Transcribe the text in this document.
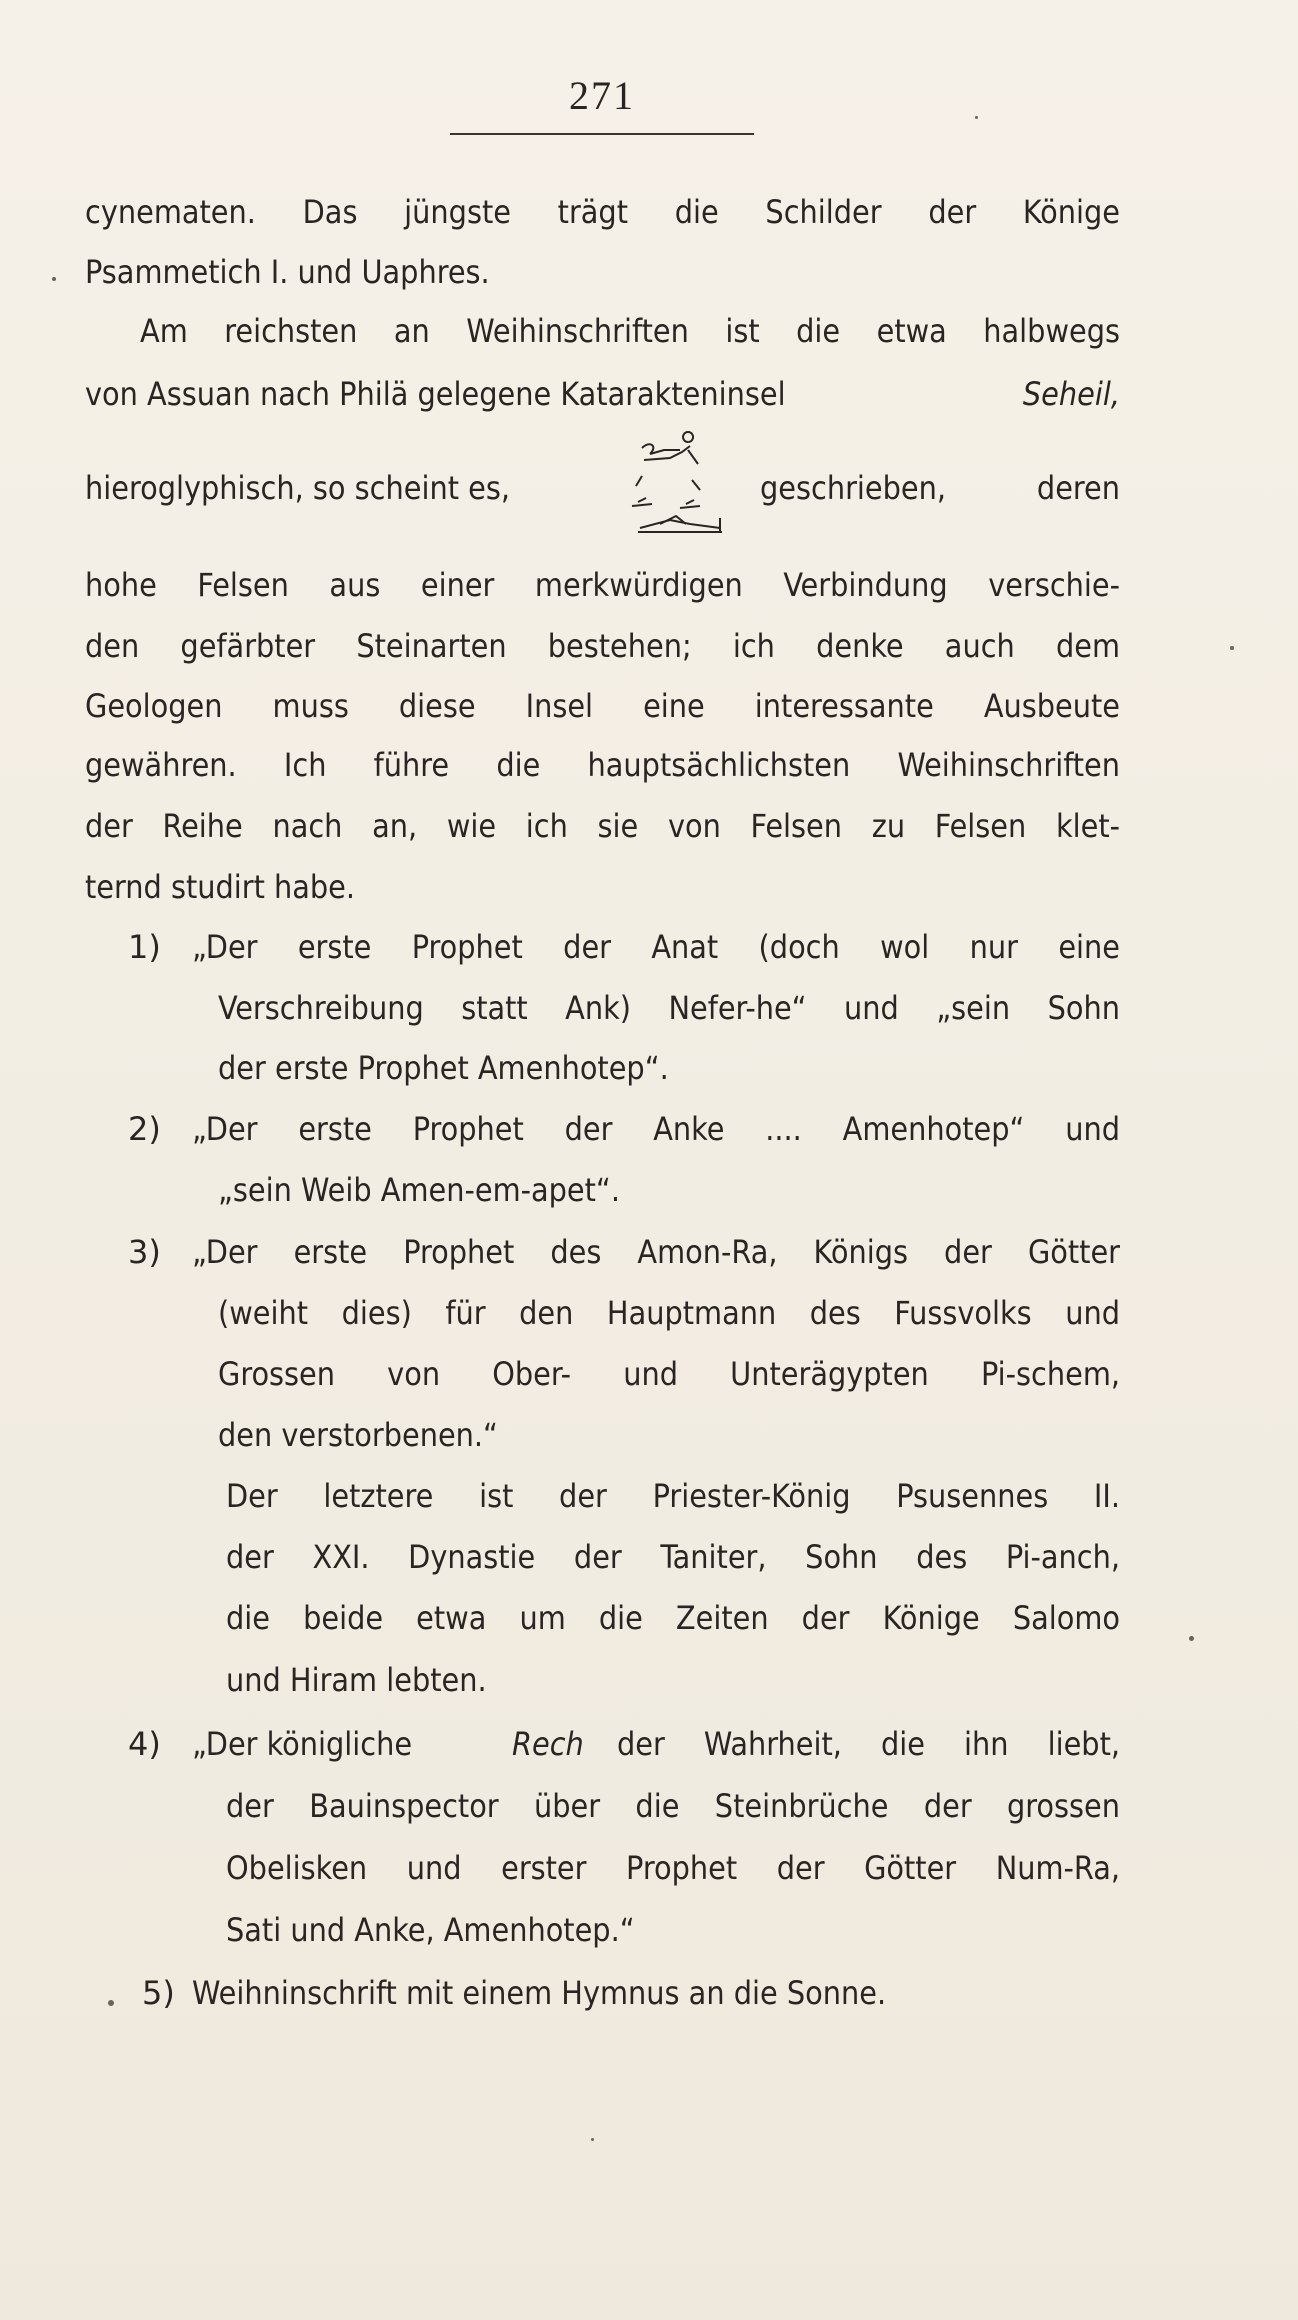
271
cynematen. Das jüngste trägt die Schilder der Könige
Psammetich I. und Uaphres.
Am reichsten an Weihinschriften ist die etwa halbwegs
von Assuan nach Philä gelegene Katarakteninsel	Seheil,
hieroglyphisch, so scheint es,	geschrieben, deren
hohe Felsen aus einer merkwürdigen Verbindung verschie-
den gefärbter Steinarten bestehen; ich denke auch dem
Geologen muss diese Insel eine interessante Ausbeute
gewähren. Ich führe die hauptsächlichsten Weihinschriften
der Reihe nach an, wie ich sie von Felsen zu Felsen klet-
ternd studirt habe.
1) „Der erste Prophet der Anat (doch wol nur eine
Verschreibung statt Ank) Nefer-he“ und „sein Sohn
der erste Prophet Amenhotep“.
2) „Der erste Prophet der Anke .... Amenhotep“ und
„sein Weib Amen-em-apet“.
3) „Der erste Prophet des Amon-Ra, Königs der Götter
(weiht dies) für den Hauptmann des Fussvolks und
Grossen von Ober- und Unterägypten Pi-schem,
den verstorbenen.“
Der letztere ist der Priester-König Psusennes II.
der XXI. Dynastie der Taniter, Sohn des Pi-anch,
die beide etwa um die Zeiten der Könige Salomo
und Hiram lebten.
4) „Der königliche	Rech der Wahrheit, die ihn liebt,
der Bauinspector über die Steinbrüche der grossen
Obelisken und erster Prophet der Götter Num-Ra,
Sati und Anke, Amenhotep.“
5) Weihninschrift mit einem Hymnus an die Sonne.
